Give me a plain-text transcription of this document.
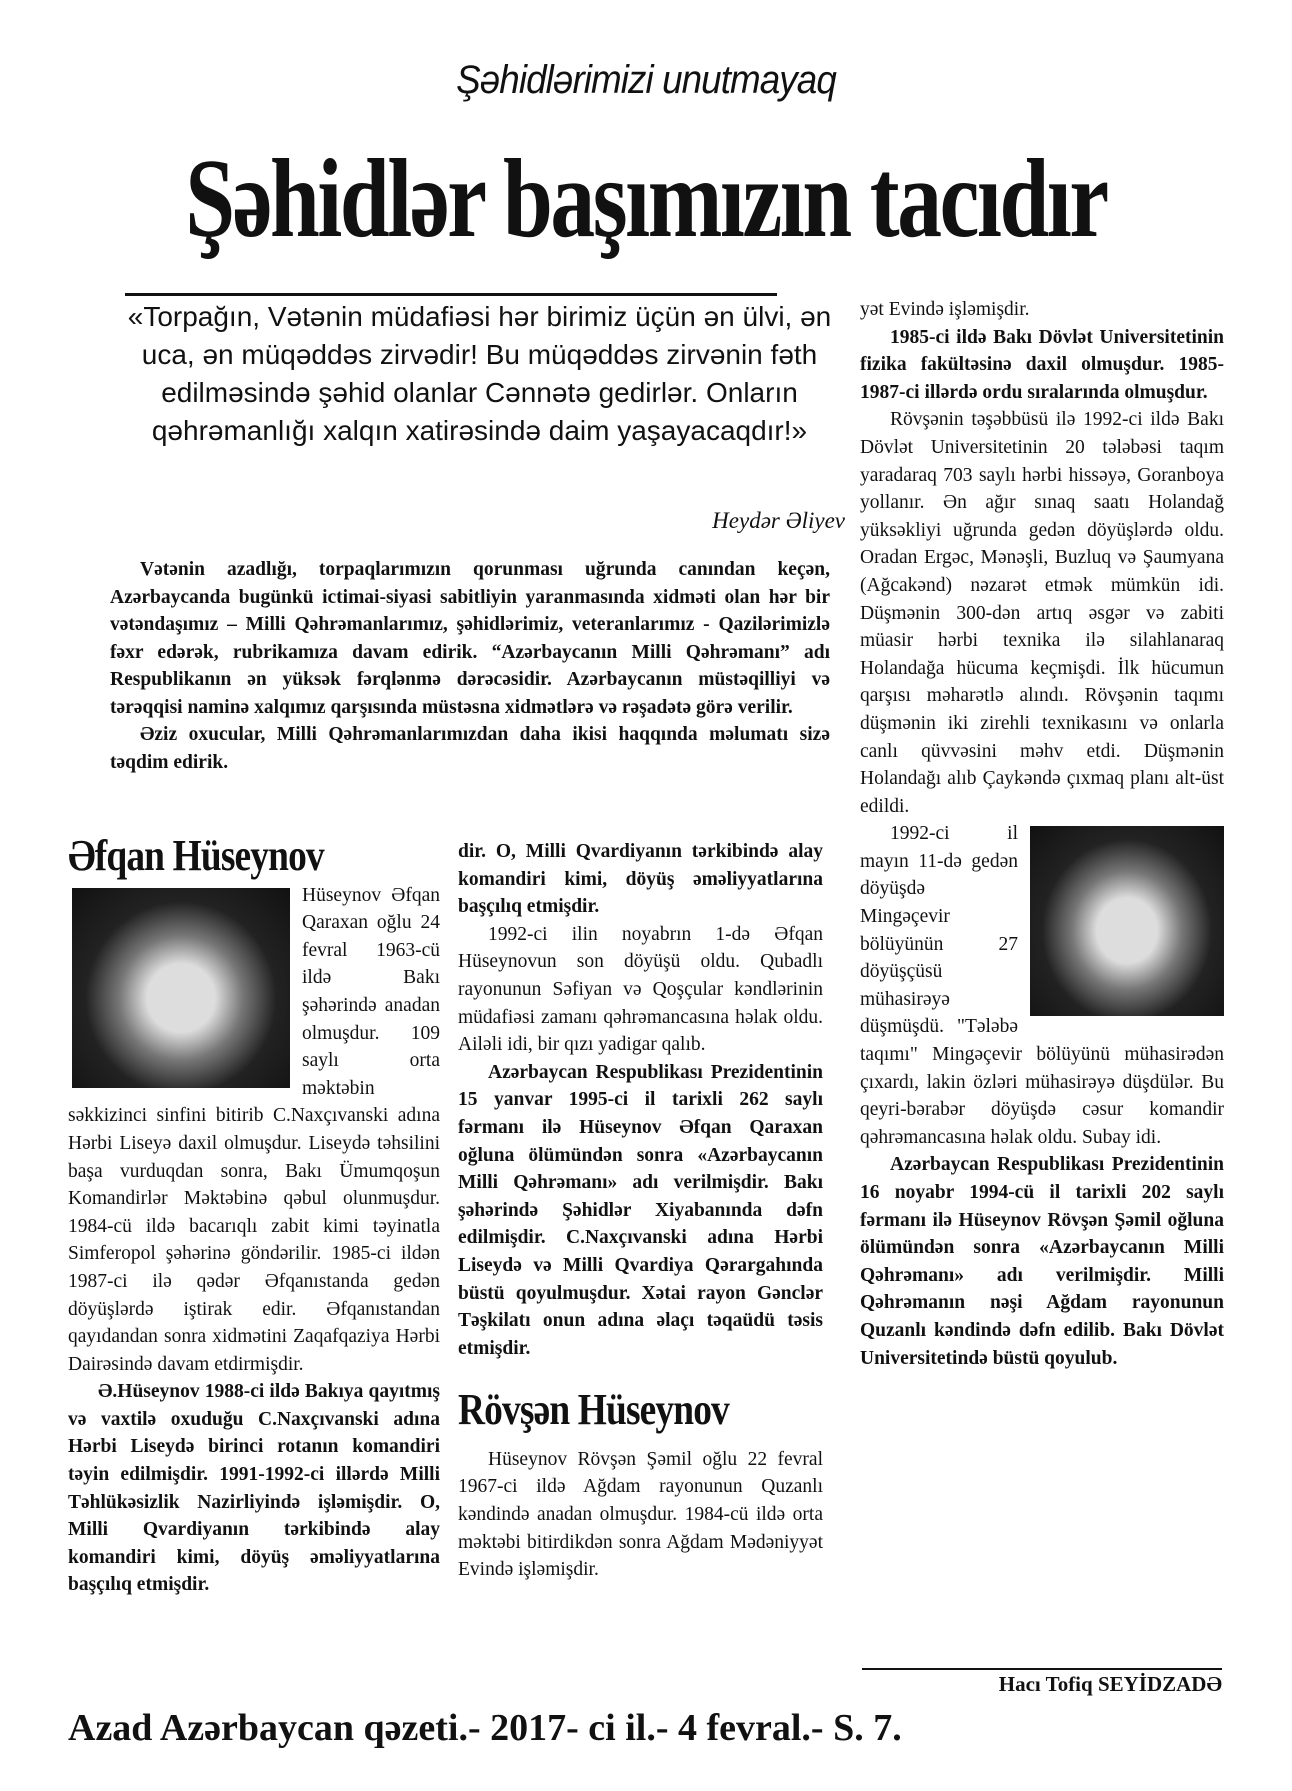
Şəhidlərimizi unutmayaq
Şəhidlər başımızın tacıdır
«Torpağın, Vətənin müdafiəsi hər birimiz üçün ən ülvi, ən uca, ən müqəddəs zirvədir! Bu müqəddəs zirvənin fəth edilməsində şəhid olanlar Cənnətə gedirlər. Onların qəhrəmanlığı xalqın xatirəsində daim yaşayacaqdır!»
Heydər Əliyev

Vətənin azadlığı, torpaqlarımızın qorunması uğrunda canından keçən, Azərbaycanda bugünkü ictimai-siyasi sabitliyin yaranmasında xidməti olan hər bir vətəndaşımız – Milli Qəhrəmanlarımız, şəhidlərimiz, veteranlarımız - Qazilərimizlə fəxr edərək, rubrikamıza davam edirik. “Azərbaycanın Milli Qəhrəmanı” adı Respublikanın ən yüksək fərqlənmə dərəcəsidir. Azərbaycanın müstəqilliyi və tərəqqisi naminə xalqımız qarşısında müstəsna xidmətlərə və rəşadətə görə verilir.

Əziz oxucular, Milli Qəhrəmanlarımızdan daha ikisi haqqında məlumatı sizə təqdim edirik.

Əfqan Hüseynov

Hüseynov Əfqan Qaraxan oğlu 24 fevral 1963-cü ildə Bakı şəhərində anadan olmuşdur. 109 saylı orta məktəbin səkkizinci sinfini bitirib C.Naxçıvanski adına Hərbi Liseyə daxil olmuşdur. Liseydə təhsilini başa vurduqdan sonra, Bakı Ümumqoşun Komandirlər Məktəbinə qəbul olunmuşdur. 1984-cü ildə bacarıqlı zabit kimi təyinatla Simferopol şəhərinə göndərilir. 1985-ci ildən 1987-ci ilə qədər Əfqanıstanda gedən döyüşlərdə iştirak edir. Əfqanıstandan qayıdandan sonra xidmətini Zaqafqaziya Hərbi Dairəsində davam etdirmişdir.

Ə.Hüseynov 1988-ci ildə Bakıya qayıtmış və vaxtilə oxuduğu C.Naxçıvanski adına Hərbi Liseydə birinci rotanın komandiri təyin edilmişdir. 1991-1992-ci illərdə Milli Təhlükəsizlik Nazirliyində işləmişdir. O, Milli Qvardiyanın tərkibində alay komandiri kimi, döyüş əməliyyatlarına başçılıq etmişdir.

dir. O, Milli Qvardiyanın tərkibində alay komandiri kimi, döyüş əməliyyatlarına başçılıq etmişdir.

1992-ci ilin noyabrın 1-də Əfqan Hüseynovun son döyüşü oldu. Qubadlı rayonunun Səfiyan və Qoşçular kəndlərinin müdafiəsi zamanı qəhrəmancasına həlak oldu. Ailəli idi, bir qızı yadigar qalıb.

Azərbaycan Respublikası Prezidentinin 15 yanvar 1995-ci il tarixli 262 saylı fərmanı ilə Hüseynov Əfqan Qaraxan oğluna ölümündən sonra «Azərbaycanın Milli Qəhrəmanı» adı verilmişdir. Bakı şəhərində Şəhidlər Xiyabanında dəfn edilmişdir. C.Naxçıvanski adına Hərbi Liseydə və Milli Qvardiya Qərargahında büstü qoyulmuşdur. Xətai rayon Gənclər Təşkilatı onun adına əlaçı təqaüdü təsis etmişdir.

Rövşən Hüseynov

Hüseynov Rövşən Şəmil oğlu 22 fevral 1967-ci ildə Ağdam rayonunun Quzanlı kəndində anadan olmuşdur. 1984-cü ildə orta məktəbi bitirdikdən sonra Ağdam Mədəniyyət Evində işləmişdir.

yət Evində işləmişdir.

1985-ci ildə Bakı Dövlət Universitetinin fizika fakültəsinə daxil olmuşdur. 1985-1987-ci illərdə ordu sıralarında olmuşdur.

Rövşənin təşəbbüsü ilə 1992-ci ildə Bakı Dövlət Universitetinin 20 tələbəsi taqım yaradaraq 703 saylı hərbi hissəyə, Goranboya yollanır. Ən ağır sınaq saatı Holandağ yüksəkliyi uğrunda gedən döyüşlərdə oldu. Oradan Ergəc, Mənəşli, Buzluq və Şaumyana (Ağcakənd) nəzarət etmək mümkün idi. Düşmənin 300-dən artıq əsgər və zabiti müasir hərbi texnika ilə silahlanaraq Holandağa hücuma keçmişdi. İlk hücumun qarşısı məharətlə alındı. Rövşənin taqımı düşmənin iki zirehli texnikasını və onlarla canlı qüvvəsini məhv etdi. Düşmənin Holandağı alıb Çaykəndə çıxmaq planı alt-üst edildi.

1992-ci il mayın 11-də gedən döyüşdə Mingəçevir bölüyünün 27 döyüşçüsü mühasirəyə düşmüşdü. "Tələbə taqımı" Mingəçevir bölüyünü mühasirədən çıxardı, lakin özləri mühasirəyə düşdülər. Bu qeyri-bərabər döyüşdə cəsur komandir qəhrəmancasına həlak oldu. Subay idi.

Azərbaycan Respublikası Prezidentinin 16 noyabr 1994-cü il tarixli 202 saylı fərmanı ilə Hüseynov Rövşən Şəmil oğluna ölümündən sonra «Azərbaycanın Milli Qəhrəmanı» adı verilmişdir. Milli Qəhrəmanın nəşi Ağdam rayonunun Quzanlı kəndində dəfn edilib. Bakı Dövlət Universitetində büstü qoyulub.

Hacı Tofiq SEYİDZADƏ
Azad Azərbaycan qəzeti.- 2017- ci il.- 4 fevral.- S. 7.
